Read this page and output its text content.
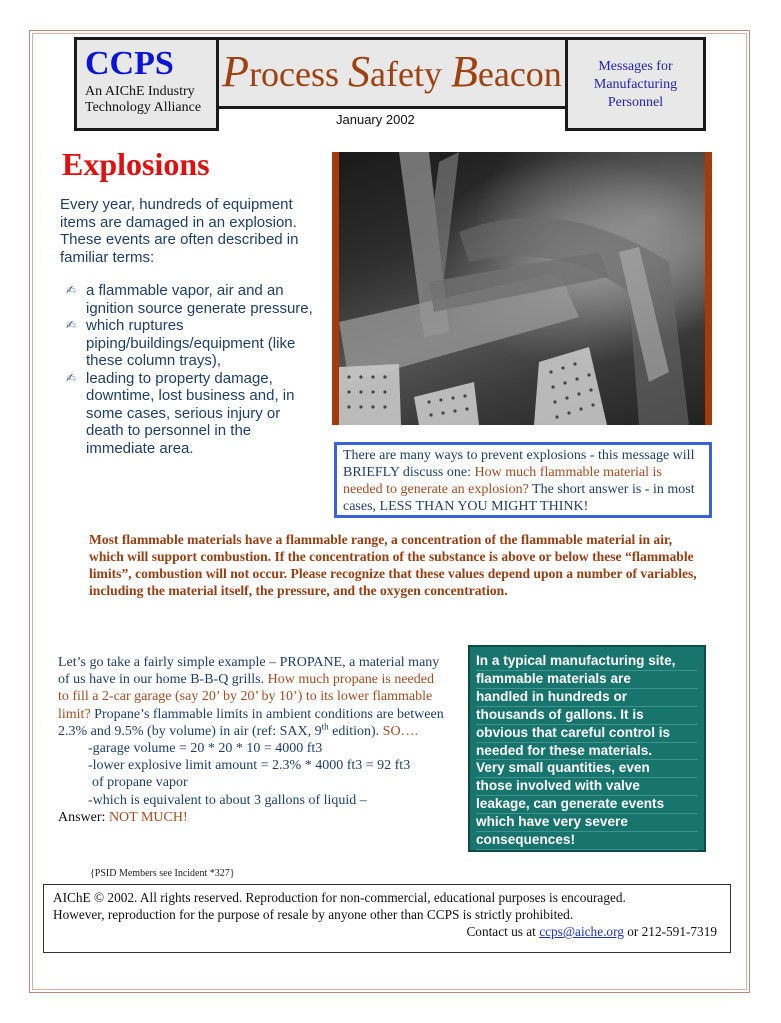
CCPS
An AIChE Industry
Technology Alliance
Process Safety Beacon
January 2002
Messages for
Manufacturing
Personnel
Explosions
Every year, hundreds of equipment items are damaged in an explosion. These events are often described in familiar terms:
✍ a flammable vapor, air and an ignition source generate pressure,
✍ which ruptures piping/buildings/equipment (like these column trays),
✍ leading to property damage, downtime, lost business and, in some cases, serious injury or death to personnel in the immediate area.	There are many ways to prevent explosions - this message will BRIEFLY discuss one: How much flammable material is needed to generate an explosion? The short answer is - in most cases, LESS THAN YOU MIGHT THINK!
Most flammable materials have a flammable range, a concentration of the flammable material in air, which will support combustion. If the concentration of the substance is above or below these “flammable limits”, combustion will not occur. Please recognize that these values depend upon a number of variables, including the material itself, the pressure, and the oxygen concentration.
Let’s go take a fairly simple example – PROPANE, a material many of us have in our home B-B-Q grills. How much propane is needed to fill a 2-car garage (say 20’ by 20’ by 10’) to its lower flammable limit? Propane’s flammable limits in ambient conditions are between 2.3% and 9.5% (by volume) in air (ref: SAX, 9th edition). SO….
-garage volume = 20 * 20 * 10 = 4000 ft3
-lower explosive limit amount = 2.3% * 4000 ft3 = 92 ft3
of propane vapor
-which is equivalent to about 3 gallons of liquid –
Answer: NOT MUCH!
In a typical manufacturing site,
flammable materials are
handled in hundreds or
thousands of gallons. It is
obvious that careful control is
needed for these materials.
Very small quantities, even
those involved with valve
leakage, can generate events
which have very severe
consequences!
{PSID Members see Incident *327}
AIChE © 2002. All rights reserved. Reproduction for non-commercial, educational purposes is encouraged.
However, reproduction for the purpose of resale by anyone other than CCPS is strictly prohibited.
Contact us at ccps@aiche.org or 212-591-7319
